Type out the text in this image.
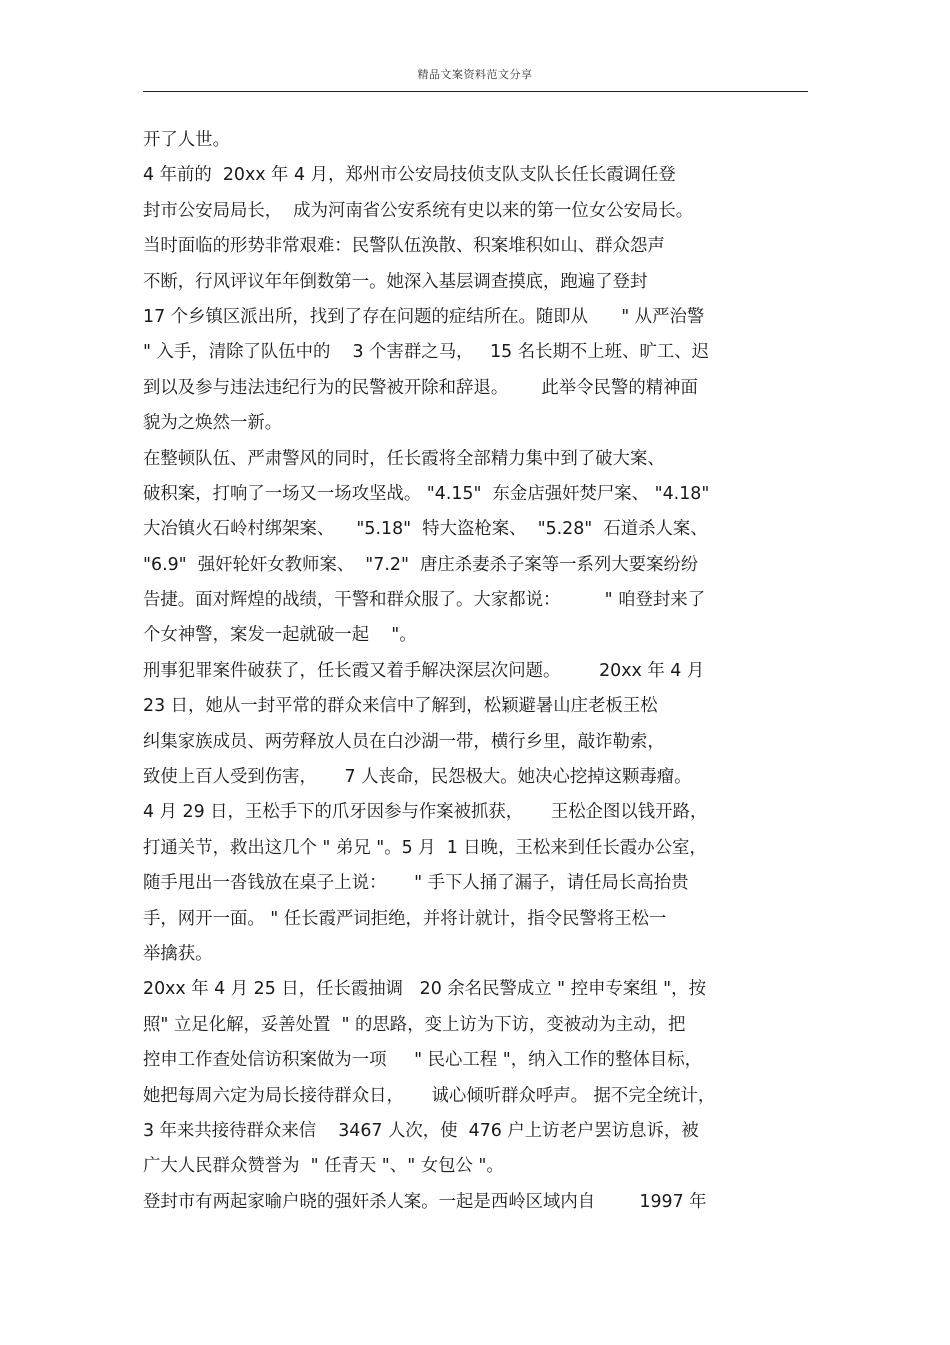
精品文案资料范文分享
开了人世。
4 年前的  20xx 年 4 月，郑州市公安局技侦支队支队长任长霞调任登
封市公安局局长，  成为河南省公安系统有史以来的第一位女公安局长。
当时面临的形势非常艰难：民警队伍涣散、积案堆积如山、群众怨声
不断，行风评议年年倒数第一。她深入基层调查摸底，跑遍了登封
17 个乡镇区派出所，找到了存在问题的症结所在。随即从      " 从严治警
" 入手，清除了队伍中的    3 个害群之马，   15 名长期不上班、旷工、迟
到以及参与违法违纪行为的民警被开除和辞退。      此举令民警的精神面
貌为之焕然一新。
在整顿队伍、严肃警风的同时，任长霞将全部精力集中到了破大案、
破积案，打响了一场又一场攻坚战。 "4.15"  东金店强奸焚尸案、 "4.18"
大冶镇火石岭村绑架案、    "5.18"  特大盗枪案、  "5.28"  石道杀人案、
"6.9"  强奸轮奸女教师案、  "7.2"  唐庄杀妻杀子案等一系列大要案纷纷
告捷。面对辉煌的战绩，干警和群众服了。大家都说：        " 咱登封来了
个女神警，案发一起就破一起    "。
刑事犯罪案件破获了，任长霞又着手解决深层次问题。       20xx 年 4 月
23 日，她从一封平常的群众来信中了解到，松颖避暑山庄老板王松
纠集家族成员、两劳释放人员在白沙湖一带，横行乡里，敲诈勒索，
致使上百人受到伤害，     7 人丧命，民怨极大。她决心挖掉这颗毒瘤。
4 月 29 日，王松手下的爪牙因参与作案被抓获，     王松企图以钱开路，
打通关节，救出这几个 " 弟兄 "。5 月  1 日晚，王松来到任长霞办公室，
随手甩出一沓钱放在桌子上说：     " 手下人捅了漏子，请任局长高抬贵
手，网开一面。 " 任长霞严词拒绝，并将计就计，指令民警将王松一
举擒获。
20xx 年 4 月 25 日，任长霞抽调   20 余名民警成立 " 控申专案组 "，按
照" 立足化解，妥善处置  " 的思路，变上访为下访，变被动为主动，把
控申工作查处信访积案做为一项     " 民心工程 "，纳入工作的整体目标，
她把每周六定为局长接待群众日，     诚心倾听群众呼声。 据不完全统计，
3 年来共接待群众来信    3467 人次，使  476 户上访老户罢访息诉，被
广大人民群众赞誉为  " 任青天 "、" 女包公 "。
登封市有两起家喻户晓的强奸杀人案。一起是西岭区域内自        1997 年
